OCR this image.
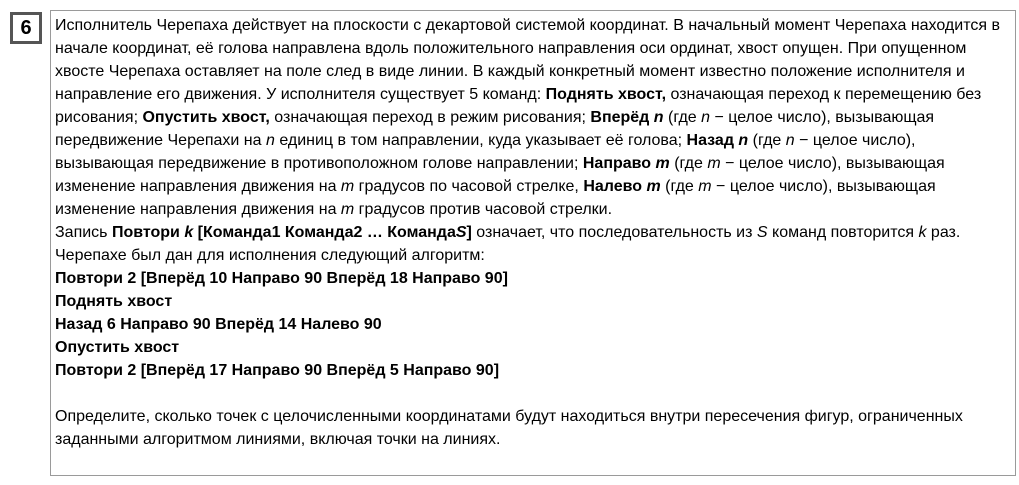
6	Исполнитель Черепаха действует на плоскости с декартовой системой координат. В начальный момент Черепаха находится в начале координат, её голова направлена вдоль положительного направления оси ординат, хвост опущен. При опущенном хвосте Черепаха оставляет на поле след в виде линии. В каждый конкретный момент известно положение исполнителя и направление его движения. У исполнителя существует 5 команд: Поднять хвост, означающая переход к перемещению без рисования; Опустить хвост, означающая переход в режим рисования; Вперёд n (где n − целое число), вызывающая передвижение Черепахи на n единиц в том направлении, куда указывает её голова; Назад n (где n − целое число), вызывающая передвижение в противоположном голове направлении; Направо m (где m − целое число), вызывающая изменение направления движения на m градусов по часовой стрелке, Налево m (где m − целое число), вызывающая изменение направления движения на m градусов против часовой стрелки.

Запись Повтори k [Команда1 Команда2 … КомандаS] означает, что последовательность из S команд повторится k раз.

Черепахе был дан для исполнения следующий алгоритм:

Повтори 2 [Вперёд 10 Направо 90 Вперёд 18 Направо 90]

Поднять хвост

Назад 6 Направо 90 Вперёд 14 Налево 90

Опустить хвост

Повтори 2 [Вперёд 17 Направо 90 Вперёд 5 Направо 90]

Определите, сколько точек с целочисленными координатами будут находиться внутри пересечения фигур, ограниченных заданными алгоритмом линиями, включая точки на линиях.
